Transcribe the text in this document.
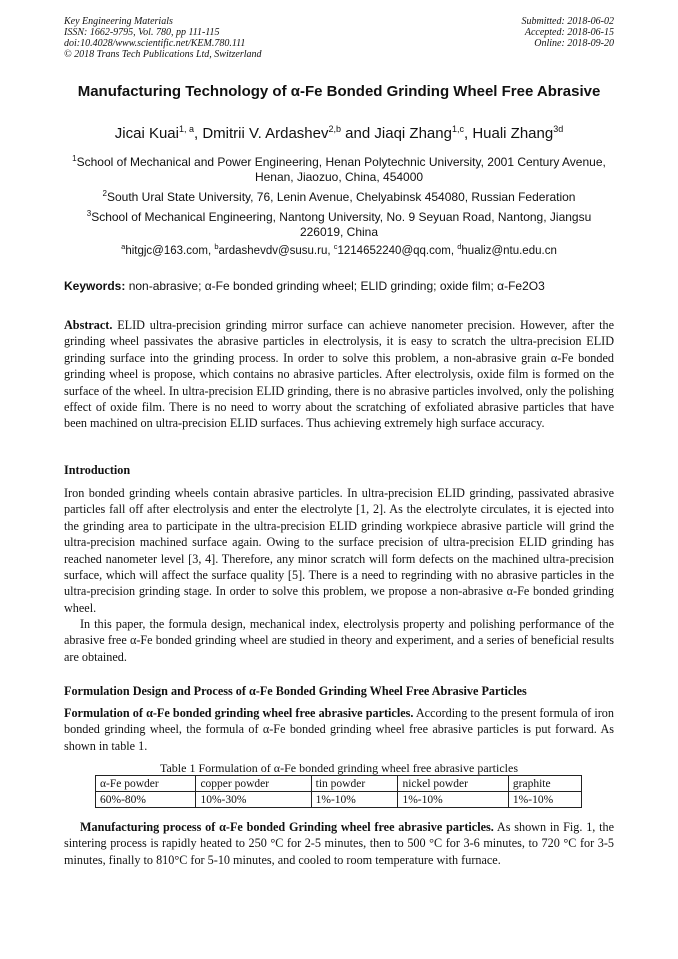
Key Engineering Materials
ISSN: 1662-9795, Vol. 780, pp 111-115
doi:10.4028/www.scientific.net/KEM.780.111
© 2018 Trans Tech Publications Ltd, Switzerland
Submitted: 2018-06-02
Accepted: 2018-06-15
Online: 2018-09-20
Manufacturing Technology of α-Fe Bonded Grinding Wheel Free Abrasive
Jicai Kuai$^{1, a}$, Dmitrii V. Ardashev$^{2,b}$ and Jiaqi Zhang$^{1,c}$, Huali Zhang$^{3d}$
$^1$School of Mechanical and Power Engineering, Henan Polytechnic University, 2001 Century Avenue, Henan, Jiaozuo, China, 454000
$^2$South Ural State University, 76, Lenin Avenue, Chelyabinsk 454080, Russian Federation
$^3$School of Mechanical Engineering, Nantong University, No. 9 Seyuan Road, Nantong, Jiangsu 226019, China
$^a$hitgjc@163.com, $^b$ardashevdv@susu.ru, $^c$1214652240@qq.com, $^d$hualiz@ntu.edu.cn
Keywords: non-abrasive; α-Fe bonded grinding wheel; ELID grinding; oxide film; α-Fe2O3
Abstract. ELID ultra-precision grinding mirror surface can achieve nanometer precision. However, after the grinding wheel passivates the abrasive particles in electrolysis, it is easy to scratch the ultra-precision ELID grinding surface into the grinding process. In order to solve this problem, a non-abrasive grain α-Fe bonded grinding wheel is propose, which contains no abrasive particles. After electrolysis, oxide film is formed on the surface of the wheel. In ultra-precision ELID grinding, there is no abrasive particles involved, only the polishing effect of oxide film. There is no need to worry about the scratching of exfoliated abrasive particles that have been machined on ultra-precision ELID surfaces. Thus achieving extremely high surface accuracy.
Introduction
Iron bonded grinding wheels contain abrasive particles. In ultra-precision ELID grinding, passivated abrasive particles fall off after electrolysis and enter the electrolyte [1, 2]. As the electrolyte circulates, it is ejected into the grinding area to participate in the ultra-precision ELID grinding workpiece abrasive particle will grind the ultra-precision machined surface again. Owing to the surface precision of ultra-precision ELID grinding has reached nanometer level [3, 4]. Therefore, any minor scratch will form defects on the machined ultra-precision surface, which will affect the surface quality [5]. There is a need to regrinding with no abrasive particles in the ultra-precision grinding stage. In order to solve this problem, we propose a non-abrasive α-Fe bonded grinding wheel.
In this paper, the formula design, mechanical index, electrolysis property and polishing performance of the abrasive free α-Fe bonded grinding wheel are studied in theory and experiment, and a series of beneficial results are obtained.
Formulation Design and Process of α-Fe Bonded Grinding Wheel Free Abrasive Particles
Formulation of α-Fe bonded grinding wheel free abrasive particles. According to the present formula of iron bonded grinding wheel, the formula of α-Fe bonded grinding wheel free abrasive particles is put forward. As shown in table 1.
Table 1 Formulation of α-Fe bonded grinding wheel free abrasive particles
α-Fe powder	copper powder	tin powder	nickel powder	graphite
60%-80%	10%-30%	1%-10%	1%-10%	1%-10%
Manufacturing process of α-Fe bonded Grinding wheel free abrasive particles. As shown in Fig. 1, the sintering process is rapidly heated to 250 °C for 2-5 minutes, then to 500 °C for 3-6 minutes, to 720 °C for 3-5 minutes, finally to 810°C for 5-10 minutes, and cooled to room temperature with furnace.
